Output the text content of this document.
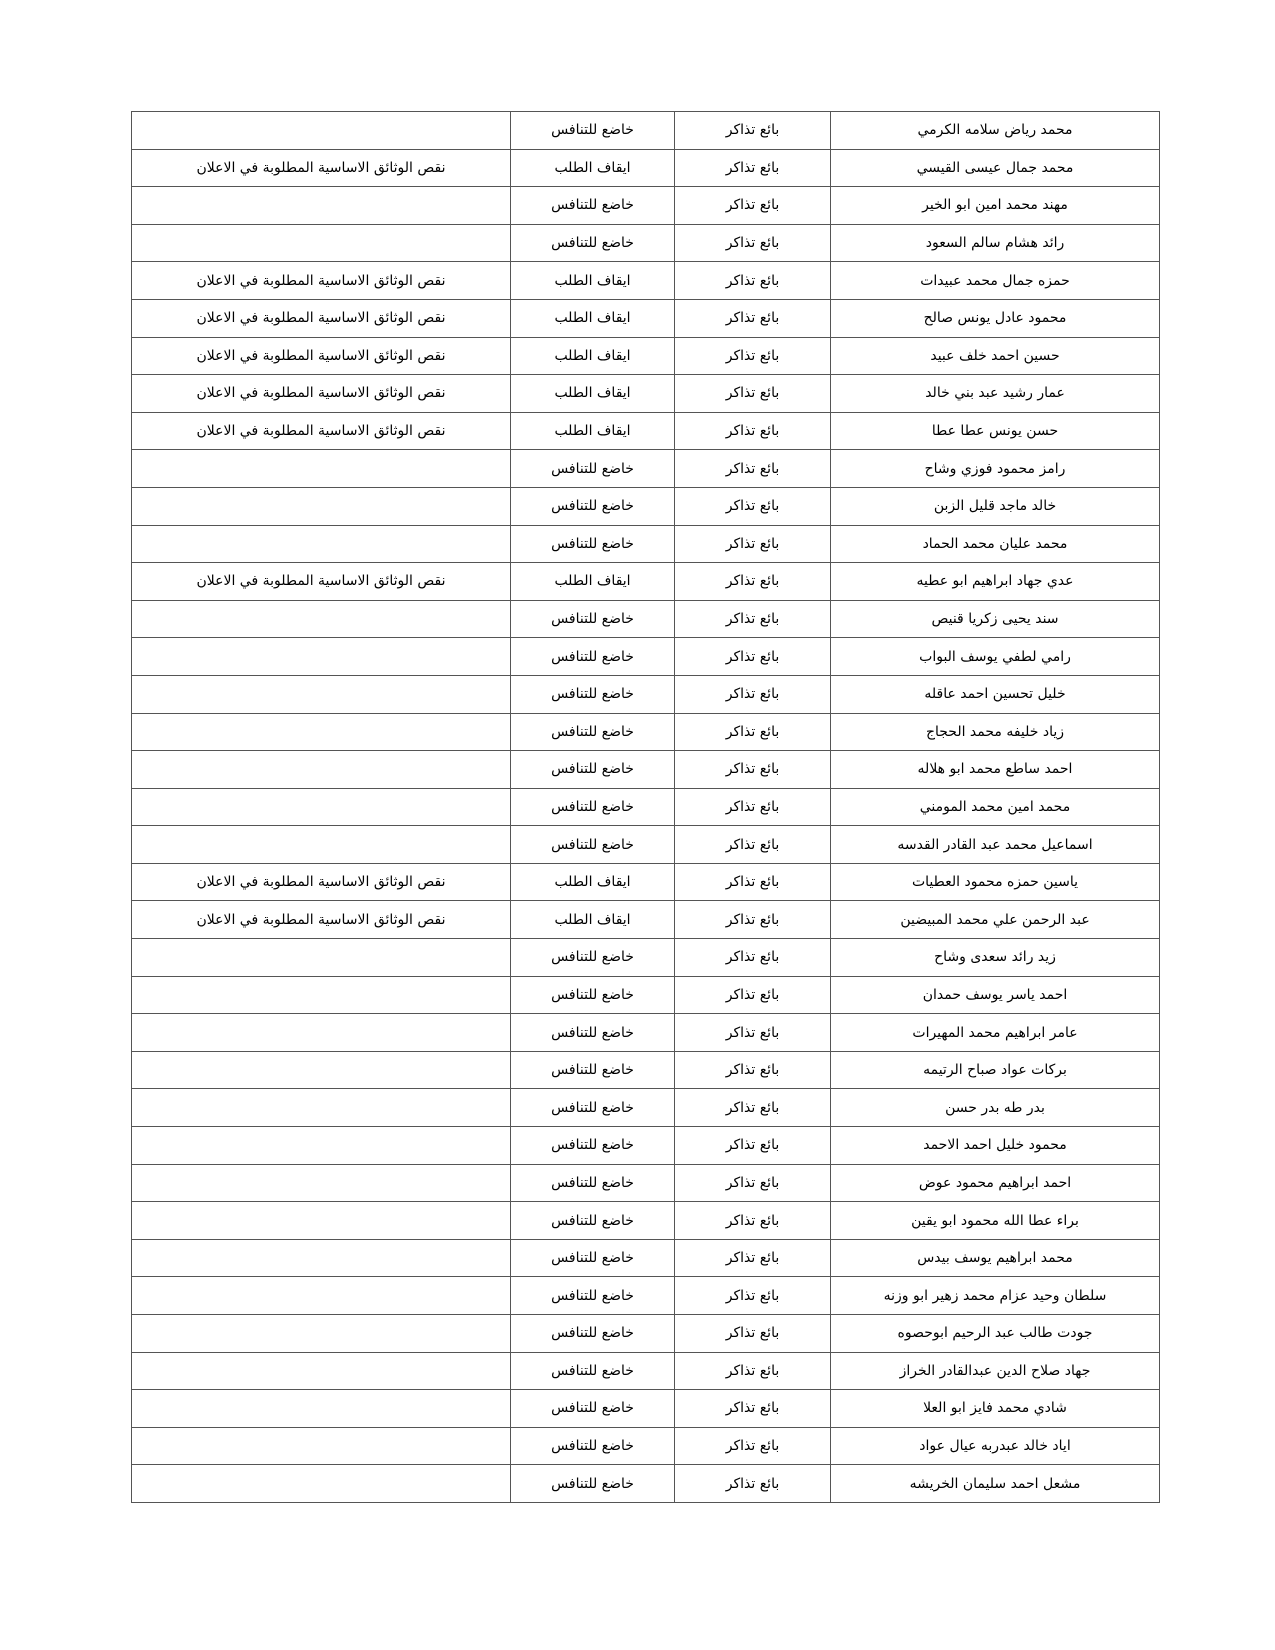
محمد رياض سلامه الكرمي	بائع تذاكر	خاضع للتنافس	
محمد جمال عيسى القيسي	بائع تذاكر	ايقاف الطلب	نقص الوثائق الاساسية المطلوبة في الاعلان
مهند محمد امين ابو الخير	بائع تذاكر	خاضع للتنافس	
رائد هشام سالم السعود	بائع تذاكر	خاضع للتنافس	
حمزه جمال محمد عبيدات	بائع تذاكر	ايقاف الطلب	نقص الوثائق الاساسية المطلوبة في الاعلان
محمود عادل يونس صالح	بائع تذاكر	ايقاف الطلب	نقص الوثائق الاساسية المطلوبة في الاعلان
حسين احمد خلف عبيد	بائع تذاكر	ايقاف الطلب	نقص الوثائق الاساسية المطلوبة في الاعلان
عمار رشيد عبد بني خالد	بائع تذاكر	ايقاف الطلب	نقص الوثائق الاساسية المطلوبة في الاعلان
حسن يونس عطا عطا	بائع تذاكر	ايقاف الطلب	نقص الوثائق الاساسية المطلوبة في الاعلان
رامز محمود فوزي وشاح	بائع تذاكر	خاضع للتنافس	
خالد ماجد قليل الزبن	بائع تذاكر	خاضع للتنافس	
محمد عليان محمد الحماد	بائع تذاكر	خاضع للتنافس	
عدي جهاد ابراهيم ابو عطيه	بائع تذاكر	ايقاف الطلب	نقص الوثائق الاساسية المطلوبة في الاعلان
سند يحيى زكريا قنيص	بائع تذاكر	خاضع للتنافس	
رامي لطفي يوسف البواب	بائع تذاكر	خاضع للتنافس	
خليل تحسين احمد عاقله	بائع تذاكر	خاضع للتنافس	
زياد خليفه محمد الحجاج	بائع تذاكر	خاضع للتنافس	
احمد ساطع محمد ابو هلاله	بائع تذاكر	خاضع للتنافس	
محمد امين محمد المومني	بائع تذاكر	خاضع للتنافس	
اسماعيل محمد عبد القادر القدسه	بائع تذاكر	خاضع للتنافس	
ياسين حمزه محمود العطيات	بائع تذاكر	ايقاف الطلب	نقص الوثائق الاساسية المطلوبة في الاعلان
عبد الرحمن علي محمد المبيضين	بائع تذاكر	ايقاف الطلب	نقص الوثائق الاساسية المطلوبة في الاعلان
زيد رائد سعدى وشاح	بائع تذاكر	خاضع للتنافس	
احمد ياسر يوسف حمدان	بائع تذاكر	خاضع للتنافس	
عامر ابراهيم محمد المهيرات	بائع تذاكر	خاضع للتنافس	
بركات عواد صباح الرتيمه	بائع تذاكر	خاضع للتنافس	
بدر طه بدر حسن	بائع تذاكر	خاضع للتنافس	
محمود خليل احمد الاحمد	بائع تذاكر	خاضع للتنافس	
احمد ابراهيم محمود عوض	بائع تذاكر	خاضع للتنافس	
براء عطا الله محمود ابو يقين	بائع تذاكر	خاضع للتنافس	
محمد ابراهيم يوسف بيدس	بائع تذاكر	خاضع للتنافس	
سلطان وحيد عزام محمد زهير ابو وزنه	بائع تذاكر	خاضع للتنافس	
جودت طالب عبد الرحيم ابوحصوه	بائع تذاكر	خاضع للتنافس	
جهاد صلاح الدين عبدالقادر الخراز	بائع تذاكر	خاضع للتنافس	
شادي محمد فايز ابو العلا	بائع تذاكر	خاضع للتنافس	
اياد خالد عبدربه عيال عواد	بائع تذاكر	خاضع للتنافس	
مشعل احمد سليمان الخريشه	بائع تذاكر	خاضع للتنافس	
